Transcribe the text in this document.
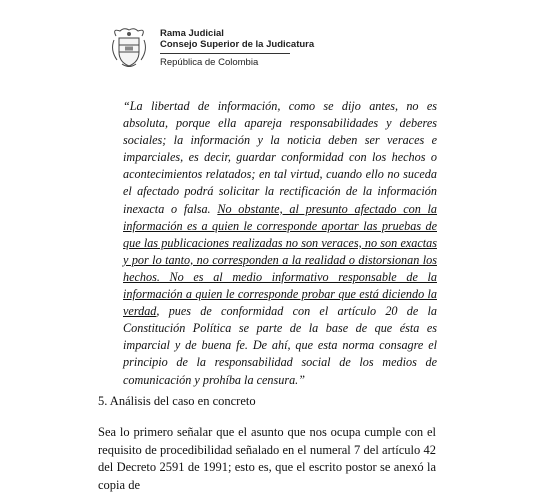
Rama Judicial
Consejo Superior de la Judicatura
República de Colombia
“La libertad de información, como se dijo antes, no es absoluta, porque ella apareja responsabilidades y deberes sociales; la información y la noticia deben ser veraces e imparciales, es decir, guardar conformidad con los hechos o acontecimientos relatados; en tal virtud, cuando ello no suceda el afectado podrá solicitar la rectificación de la información inexacta o falsa. No obstante, al presunto afectado con la información es a quien le corresponde aportar las pruebas de que las publicaciones realizadas no son veraces, no son exactas y por lo tanto, no corresponden a la realidad o distorsionan los hechos. No es al medio informativo responsable de la información a quien le corresponde probar que está diciendo la verdad, pues de conformidad con el artículo 20 de la Constitución Política se parte de la base de que ésta es imparcial y de buena fe. De ahí, que esta norma consagre el principio de la responsabilidad social de los medios de comunicación y prohíba la censura.”
5. Análisis del caso en concreto
Sea lo primero señalar que el asunto que nos ocupa cumple con el requisito de procedibilidad señalado en el numeral 7 del artículo 42 del Decreto 2591 de 1991; esto es, que el escrito postor se anexó la copia de
